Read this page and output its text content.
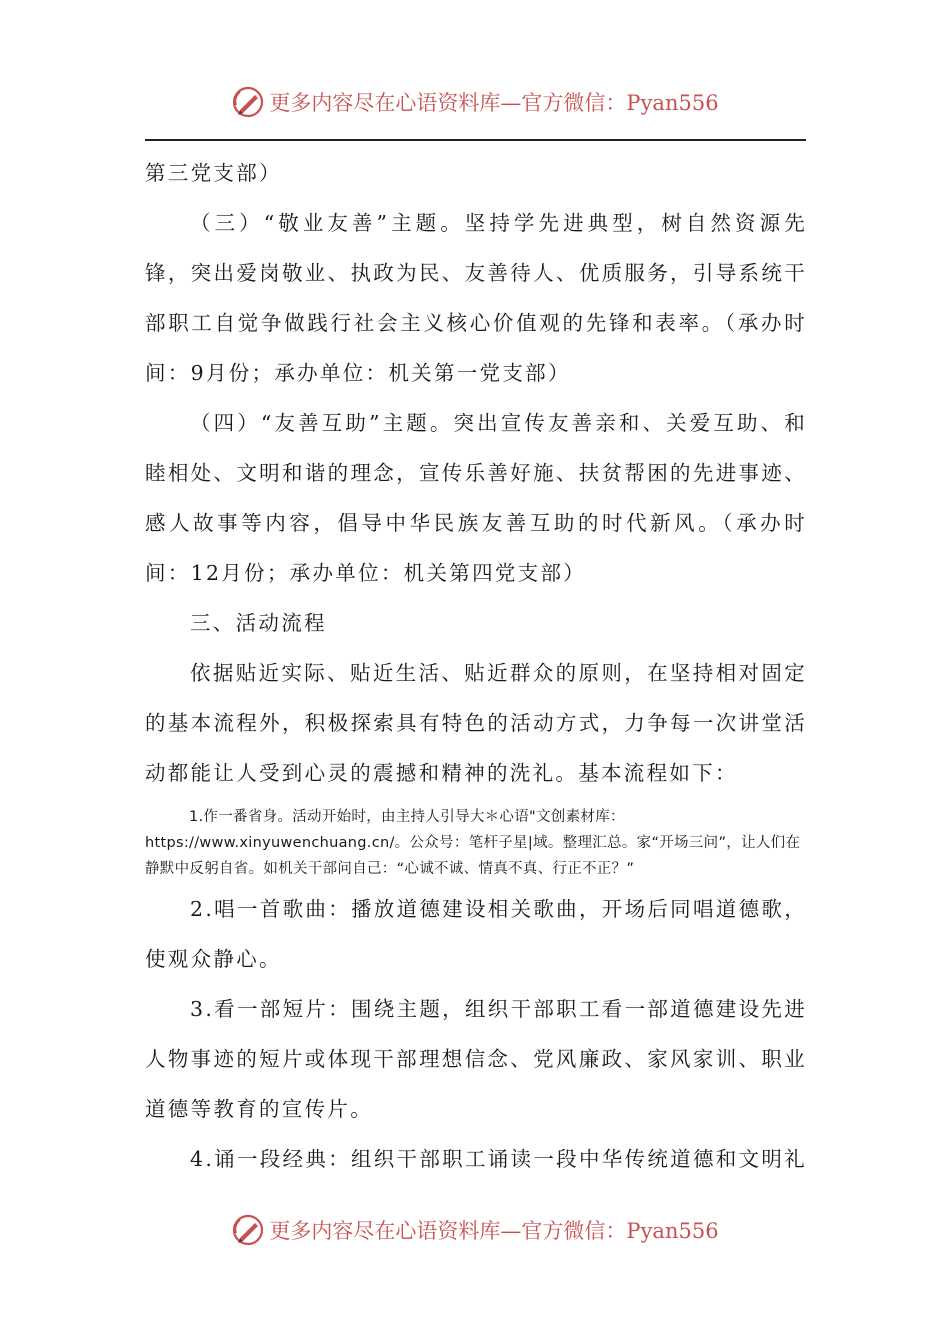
更多内容尽在心语资料库—官方微信：Pyan556

第三党支部）

（三）“敬业友善”主题。坚持学先进典型，树自然资源先锋，突出爱岗敬业、执政为民、友善待人、优质服务，引导系统干部职工自觉争做践行社会主义核心价值观的先锋和表率。（承办时间：9月份；承办单位：机关第一党支部）

（四）“友善互助”主题。突出宣传友善亲和、关爱互助、和睦相处、文明和谐的理念，宣传乐善好施、扶贫帮困的先进事迹、感人故事等内容，倡导中华民族友善互助的时代新风。（承办时间：12月份；承办单位：机关第四党支部）

三、活动流程

依据贴近实际、贴近生活、贴近群众的原则，在坚持相对固定的基本流程外，积极探索具有特色的活动方式，力争每一次讲堂活动都能让人受到心灵的震撼和精神的洗礼。基本流程如下：

1.作一番省身。活动开始时，由主持人引导大＊心语"文创素材库：https://www.xinyuwenchuang.cn/。公众号：笔杆子星|域。整理汇总。家“开场三问”，让人们在静默中反躬自省。如机关干部问自己：“心诚不诚、情真不真、行正不正？”

2.唱一首歌曲：播放道德建设相关歌曲，开场后同唱道德歌，使观众静心。

3.看一部短片：围绕主题，组织干部职工看一部道德建设先进人物事迹的短片或体现干部理想信念、党风廉政、家风家训、职业道德等教育的宣传片。

4.诵一段经典：组织干部职工诵读一段中华传统道德和文明礼

更多内容尽在心语资料库—官方微信：Pyan556
